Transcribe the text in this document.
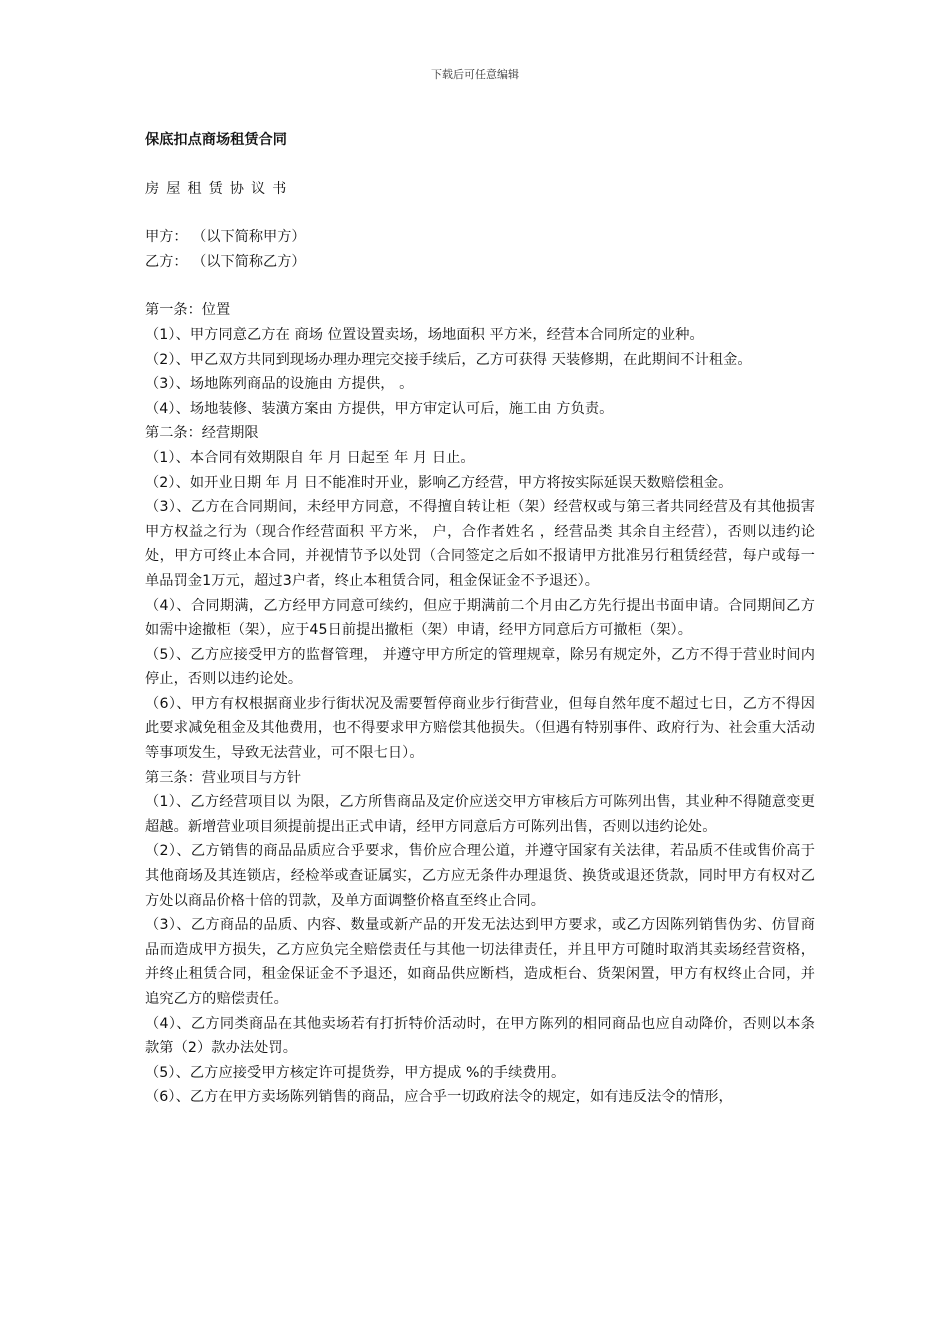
下载后可任意编辑

保底扣点商场租赁合同

房屋租赁协议书

甲方： （以下简称甲方）

乙方： （以下简称乙方）

第一条：位置

（1）、甲方同意乙方在 商场 位置设置卖场，场地面积 平方米，经营本合同所定的业种。

（2）、甲乙双方共同到现场办理办理完交接手续后，乙方可获得 天装修期，在此期间不计租金。

（3）、场地陈列商品的设施由 方提供， 。

（4）、场地装修、装潢方案由 方提供，甲方审定认可后，施工由 方负责。

第二条：经营期限

（1）、本合同有效期限自 年 月 日起至 年 月 日止。

（2）、如开业日期 年 月 日不能准时开业，影响乙方经营，甲方将按实际延误天数赔偿租金。

（3）、乙方在合同期间，未经甲方同意，不得擅自转让柜（架）经营权或与第三者共同经营及有其他损害甲方权益之行为（现合作经营面积 平方米， 户，合作者姓名 ，经营品类 其余自主经营），否则以违约论处，甲方可终止本合同，并视情节予以处罚（合同签定之后如不报请甲方批准另行租赁经营，每户或每一单品罚金1万元，超过3户者，终止本租赁合同，租金保证金不予退还）。

（4）、合同期满，乙方经甲方同意可续约，但应于期满前二个月由乙方先行提出书面申请。合同期间乙方如需中途撤柜（架），应于45日前提出撤柜（架）申请，经甲方同意后方可撤柜（架）。

（5）、乙方应接受甲方的监督管理， 并遵守甲方所定的管理规章，除另有规定外，乙方不得于营业时间内停止，否则以违约论处。

（6）、甲方有权根据商业步行街状况及需要暂停商业步行街营业，但每自然年度不超过七日，乙方不得因此要求减免租金及其他费用，也不得要求甲方赔偿其他损失。（但遇有特别事件、政府行为、社会重大活动等事项发生，导致无法营业，可不限七日）。

第三条：营业项目与方针

（1）、乙方经营项目以 为限，乙方所售商品及定价应送交甲方审核后方可陈列出售，其业种不得随意变更超越。新增营业项目须提前提出正式申请，经甲方同意后方可陈列出售，否则以违约论处。

（2）、乙方销售的商品品质应合乎要求，售价应合理公道，并遵守国家有关法律，若品质不佳或售价高于其他商场及其连锁店，经检举或查证属实，乙方应无条件办理退货、换货或退还货款，同时甲方有权对乙方处以商品价格十倍的罚款，及单方面调整价格直至终止合同。

（3）、乙方商品的品质、内容、数量或新产品的开发无法达到甲方要求，或乙方因陈列销售伪劣、仿冒商品而造成甲方损失，乙方应负完全赔偿责任与其他一切法律责任，并且甲方可随时取消其卖场经营资格，并终止租赁合同，租金保证金不予退还，如商品供应断档，造成柜台、货架闲置，甲方有权终止合同，并追究乙方的赔偿责任。

（4）、乙方同类商品在其他卖场若有打折特价活动时，在甲方陈列的相同商品也应自动降价，否则以本条款第（2）款办法处罚。

（5）、乙方应接受甲方核定许可提货券，甲方提成 %的手续费用。

（6）、乙方在甲方卖场陈列销售的商品，应合乎一切政府法令的规定，如有违反法令的情形，
